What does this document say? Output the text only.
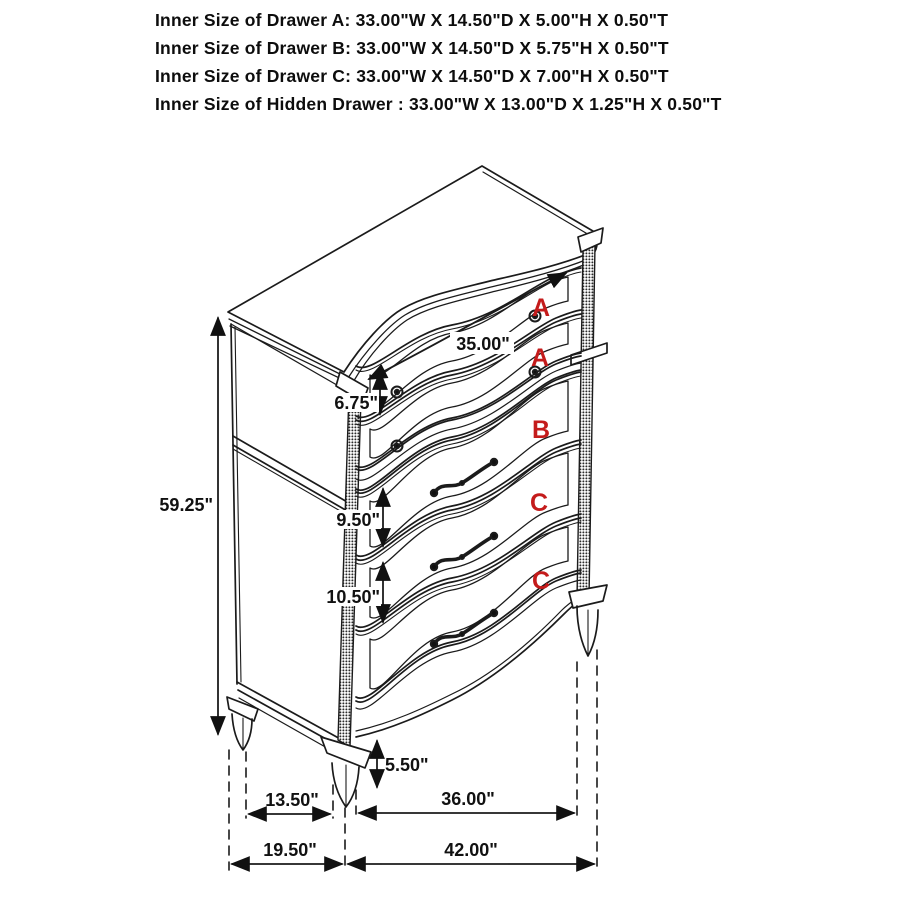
Inner Size of Drawer A: 33.00"W X 14.50"D X 5.00"H X 0.50"T

Inner Size of Drawer B: 33.00"W X 14.50"D X 5.75"H X 0.50"T

Inner Size of Drawer C: 33.00"W X 14.50"D X 7.00"H X 0.50"T

Inner Size of Hidden Drawer : 33.00"W X 13.00"D X 1.25"H X 0.50"T

59.25"
35.00"
6.75"
9.50"
10.50"
5.50"
13.50"	36.00"
19.50"	42.00"
A
A
B
C
C
